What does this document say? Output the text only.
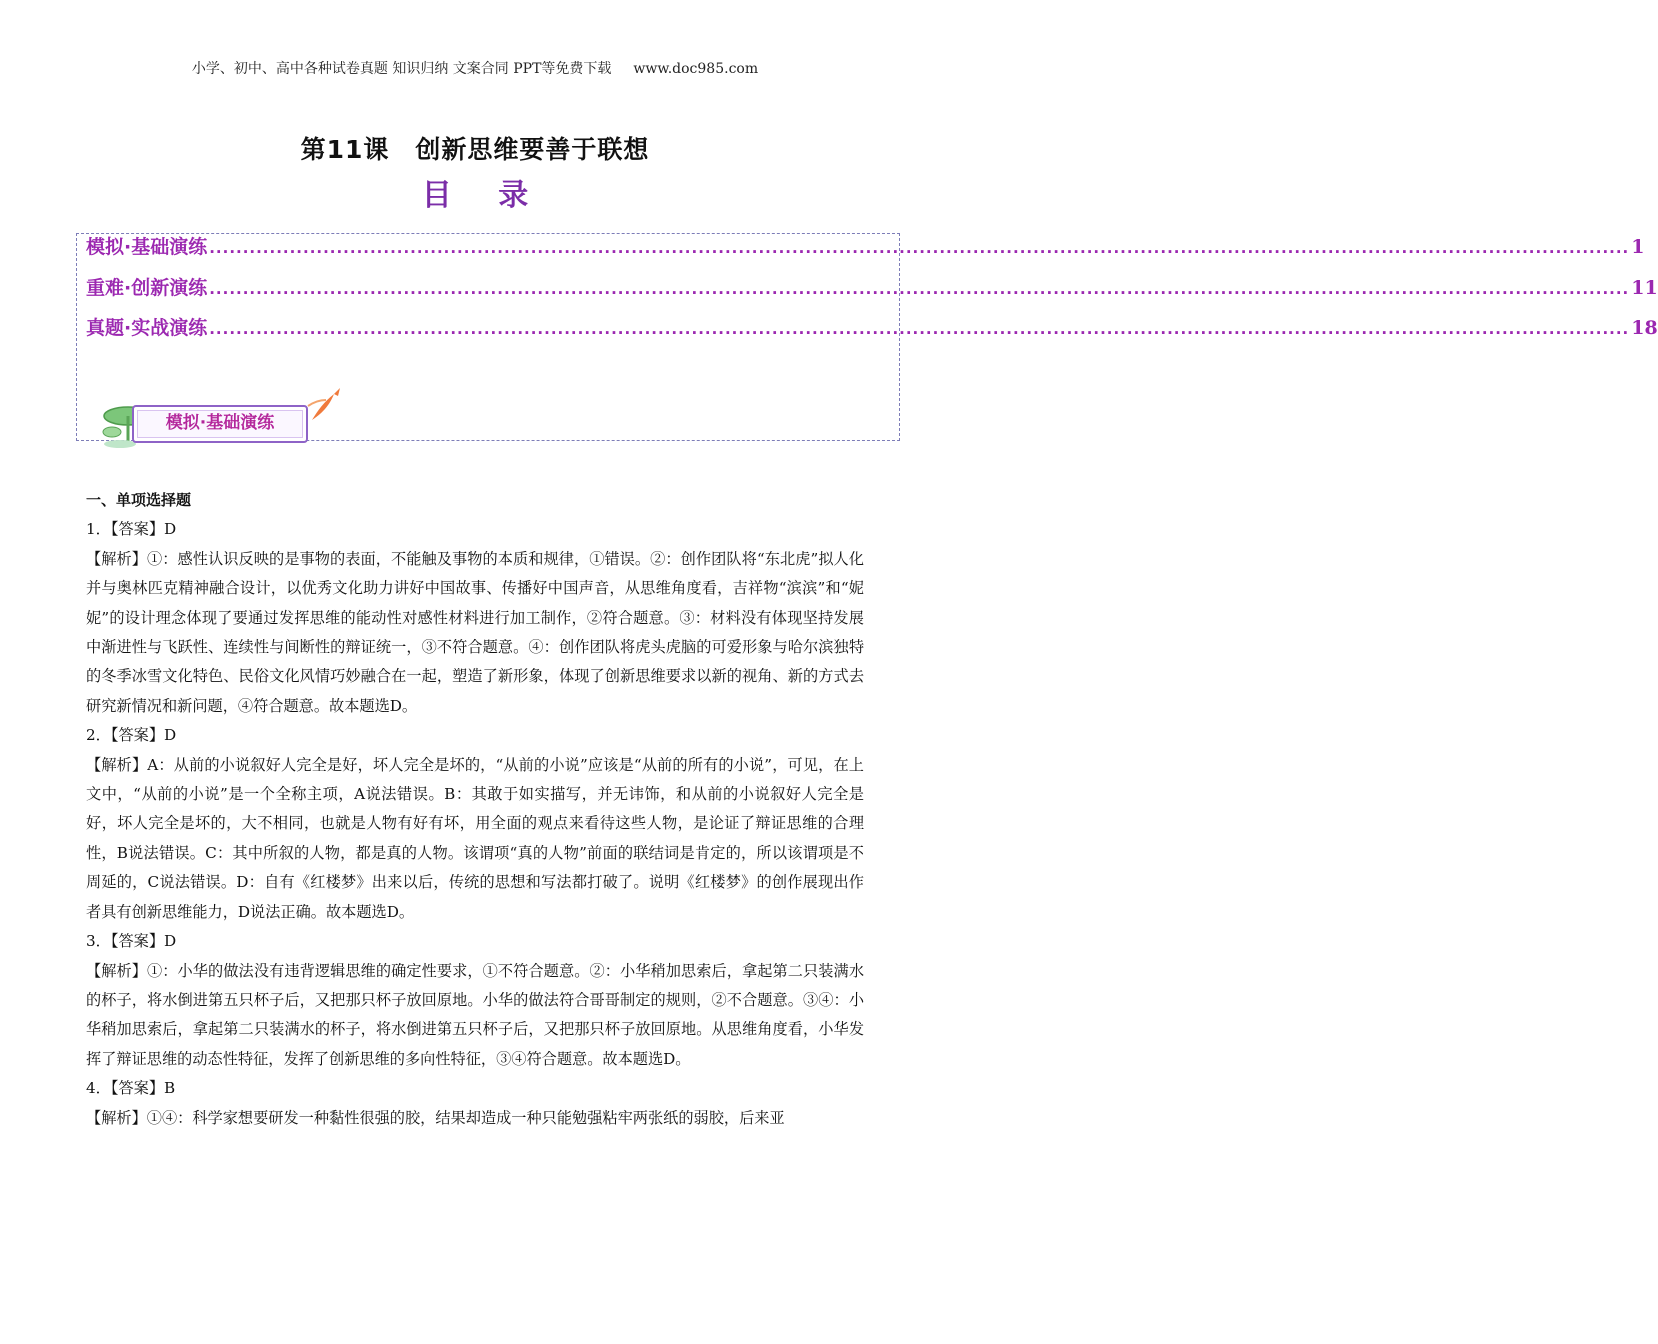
小学、初中、高中各种试卷真题 知识归纳 文案合同 PPT等免费下载 www.doc985.com
第11课　创新思维要善于联想
目 录
模拟·基础演练 .................................................................................................................................................................................................................... 1
重难·创新演练 .................................................................................................................................................................................................................... 11
真题·实战演练 .................................................................................................................................................................................................................... 18
模拟·基础演练

一、单项选择题

1．【答案】D

【解析】①：感性认识反映的是事物的表面，不能触及事物的本质和规律，①错误。②：创作团队将“东北虎”拟人化并与奥林匹克精神融合设计，以优秀文化助力讲好中国故事、传播好中国声音，从思维角度看，吉祥物“滨滨”和“妮妮”的设计理念体现了要通过发挥思维的能动性对感性材料进行加工制作，②符合题意。③：材料没有体现坚持发展中渐进性与飞跃性、连续性与间断性的辩证统一，③不符合题意。④：创作团队将虎头虎脑的可爱形象与哈尔滨独特的冬季冰雪文化特色、民俗文化风情巧妙融合在一起，塑造了新形象，体现了创新思维要求以新的视角、新的方式去研究新情况和新问题，④符合题意。故本题选D。

2．【答案】D

【解析】A：从前的小说叙好人完全是好，坏人完全是坏的，“从前的小说”应该是“从前的所有的小说”，可见，在上文中，“从前的小说”是一个全称主项，A说法错误。B：其敢于如实描写，并无讳饰，和从前的小说叙好人完全是好，坏人完全是坏的，大不相同，也就是人物有好有坏，用全面的观点来看待这些人物，是论证了辩证思维的合理性，B说法错误。C：其中所叙的人物，都是真的人物。该谓项“真的人物”前面的联结词是肯定的，所以该谓项是不周延的，C说法错误。D：自有《红楼梦》出来以后，传统的思想和写法都打破了。说明《红楼梦》的创作展现出作者具有创新思维能力，D说法正确。故本题选D。

3．【答案】D

【解析】①：小华的做法没有违背逻辑思维的确定性要求，①不符合题意。②：小华稍加思索后，拿起第二只装满水的杯子，将水倒进第五只杯子后，又把那只杯子放回原地。小华的做法符合哥哥制定的规则，②不合题意。③④：小华稍加思索后，拿起第二只装满水的杯子，将水倒进第五只杯子后，又把那只杯子放回原地。从思维角度看，小华发挥了辩证思维的动态性特征，发挥了创新思维的多向性特征，③④符合题意。故本题选D。

4．【答案】B

【解析】①④：科学家想要研发一种黏性很强的胶，结果却造成一种只能勉强粘牢两张纸的弱胶，后来亚
